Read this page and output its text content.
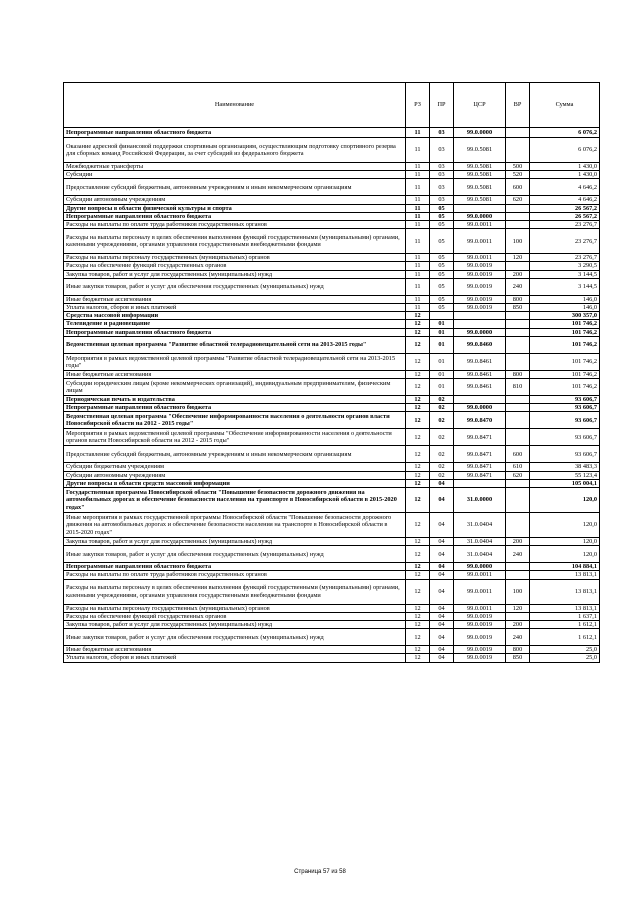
Наименование	РЗ	ПР	ЦСР	ВР	Сумма
Непрограммные направления областного бюджета	11	03	99.0.0000		6 076,2
Оказание адресной финансовой поддержки спортивным организациям, осуществляющим подготовку спортивного резерва для сборных команд Российской Федерации, за счет субсидий из федерального бюджета	11	03	99.0.5081		6 076,2
Межбюджетные трансферты	11	03	99.0.5081	500	1 430,0
Субсидии	11	03	99.0.5081	520	1 430,0
Предоставление субсидий бюджетным, автономным учреждениям и иным некоммерческим организациям	11	03	99.0.5081	600	4 646,2
Субсидии автономным учреждениям	11	03	99.0.5081	620	4 646,2
Другие вопросы в области физической культуры и спорта	11	05			26 567,2
Непрограммные направления областного бюджета	11	05	99.0.0000		26 567,2
Расходы на выплаты по оплате труда работников государственных органов	11	05	99.0.0011		23 276,7
Расходы на выплаты персоналу в целях обеспечения выполнения функций государственными (муниципальными) органами, казенными учреждениями, органами управления государственными внебюджетными фондами	11	05	99.0.0011	100	23 276,7
Расходы на выплаты персоналу государственных (муниципальных) органов	11	05	99.0.0011	120	23 276,7
Расходы на обеспечение функций государственных органов	11	05	99.0.0019		3 290,5
Закупка товаров, работ и услуг для государственных (муниципальных) нужд	11	05	99.0.0019	200	3 144,5
Иные закупки товаров, работ и услуг для обеспечения государственных (муниципальных) нужд	11	05	99.0.0019	240	3 144,5
Иные бюджетные ассигнования	11	05	99.0.0019	800	146,0
Уплата налогов, сборов и иных платежей	11	05	99.0.0019	850	146,0
Средства массовой информации	12				300 357,0
Телевидение и радиовещание	12	01			101 746,2
Непрограммные направления областного бюджета	12	01	99.0.0000		101 746,2
Ведомственная целевая программа "Развитие областной телерадиовещательной сети на 2013-2015 годы"	12	01	99.0.8460		101 746,2
Мероприятия в рамках ведомственной целевой программы "Развитие областной телерадиовещательной сети на 2013-2015 годы"	12	01	99.0.8461		101 746,2
Иные бюджетные ассигнования	12	01	99.0.8461	800	101 746,2
Субсидии юридическим лицам (кроме некоммерческих организаций), индивидуальным предпринимателям, физическим лицам	12	01	99.0.8461	810	101 746,2
Периодическая печать и издательства	12	02			93 606,7
Непрограммные направления областного бюджета	12	02	99.0.0000		93 606,7
Ведомственная целевая программа "Обеспечение информированности населения о деятельности органов власти Новосибирской области на 2012 - 2015 годы"	12	02	99.0.8470		93 606,7
Мероприятия в рамках ведомственной целевой программы "Обеспечение информированности населения о деятельности органов власти Новосибирской области на 2012 - 2015 годы"	12	02	99.0.8471		93 606,7
Предоставление субсидий бюджетным, автономным учреждениям и иным некоммерческим организациям	12	02	99.0.8471	600	93 606,7
Субсидии бюджетным учреждениям	12	02	99.0.8471	610	38 483,3
Субсидии автономным учреждениям	12	02	99.0.8471	620	55 123,4
Другие вопросы в области средств массовой информации	12	04			105 004,1
Государственная программа Новосибирской области "Повышение безопасности дорожного движения на автомобильных дорогах и обеспечение безопасности населения на транспорте в Новосибирской области в 2015-2020 годах"	12	04	31.0.0000		120,0
Иные мероприятия в рамках государственной программы Новосибирской области "Повышение безопасности дорожного движения на автомобильных дорогах и обеспечение безопасности населения на транспорте в Новосибирской области в 2015-2020 годах"	12	04	31.0.0404		120,0
Закупка товаров, работ и услуг для государственных (муниципальных) нужд	12	04	31.0.0404	200	120,0
Иные закупки товаров, работ и услуг для обеспечения государственных (муниципальных) нужд	12	04	31.0.0404	240	120,0
Непрограммные направления областного бюджета	12	04	99.0.0000		104 884,1
Расходы на выплаты по оплате труда работников государственных органов	12	04	99.0.0011		13 813,1
Расходы на выплаты персоналу в целях обеспечения выполнения функций государственными (муниципальными) органами, казенными учреждениями, органами управления государственными внебюджетными фондами	12	04	99.0.0011	100	13 813,1
Расходы на выплаты персоналу государственных (муниципальных) органов	12	04	99.0.0011	120	13 813,1
Расходы на обеспечение функций государственных органов	12	04	99.0.0019		1 637,1
Закупка товаров, работ и услуг для государственных (муниципальных) нужд	12	04	99.0.0019	200	1 612,1
Иные закупки товаров, работ и услуг для обеспечения государственных (муниципальных) нужд	12	04	99.0.0019	240	1 612,1
Иные бюджетные ассигнования	12	04	99.0.0019	800	25,0
Уплата налогов, сборов и иных платежей	12	04	99.0.0019	850	25,0
Страница 57 из 58
